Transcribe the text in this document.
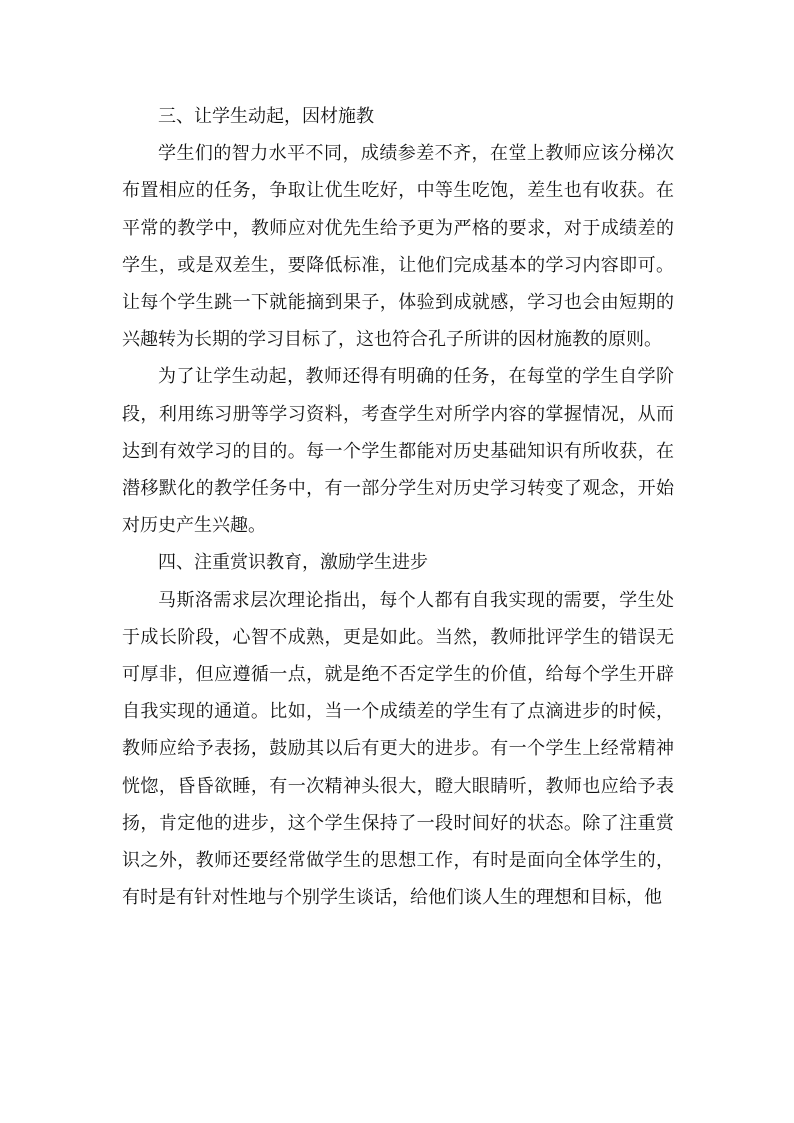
三、让学生动起，因材施教

学生们的智力水平不同，成绩参差不齐，在堂上教师应该分梯次布置相应的任务，争取让优生吃好，中等生吃饱，差生也有收获。在平常的教学中，教师应对优先生给予更为严格的要求，对于成绩差的学生，或是双差生，要降低标准，让他们完成基本的学习内容即可。让每个学生跳一下就能摘到果子，体验到成就感，学习也会由短期的兴趣转为长期的学习目标了，这也符合孔子所讲的因材施教的原则。

为了让学生动起，教师还得有明确的任务，在每堂的学生自学阶段，利用练习册等学习资料，考查学生对所学内容的掌握情况，从而达到有效学习的目的。每一个学生都能对历史基础知识有所收获，在潜移默化的教学任务中，有一部分学生对历史学习转变了观念，开始对历史产生兴趣。

四、注重赏识教育，激励学生进步

马斯洛需求层次理论指出，每个人都有自我实现的需要，学生处于成长阶段，心智不成熟，更是如此。当然，教师批评学生的错误无可厚非，但应遵循一点，就是绝不否定学生的价值，给每个学生开辟自我实现的通道。比如，当一个成绩差的学生有了点滴进步的时候，教师应给予表扬，鼓励其以后有更大的进步。有一个学生上经常精神恍惚，昏昏欲睡，有一次精神头很大，瞪大眼睛听，教师也应给予表扬，肯定他的进步，这个学生保持了一段时间好的状态。除了注重赏识之外，教师还要经常做学生的思想工作，有时是面向全体学生的，有时是有针对性地与个别学生谈话，给他们谈人生的理想和目标，他
